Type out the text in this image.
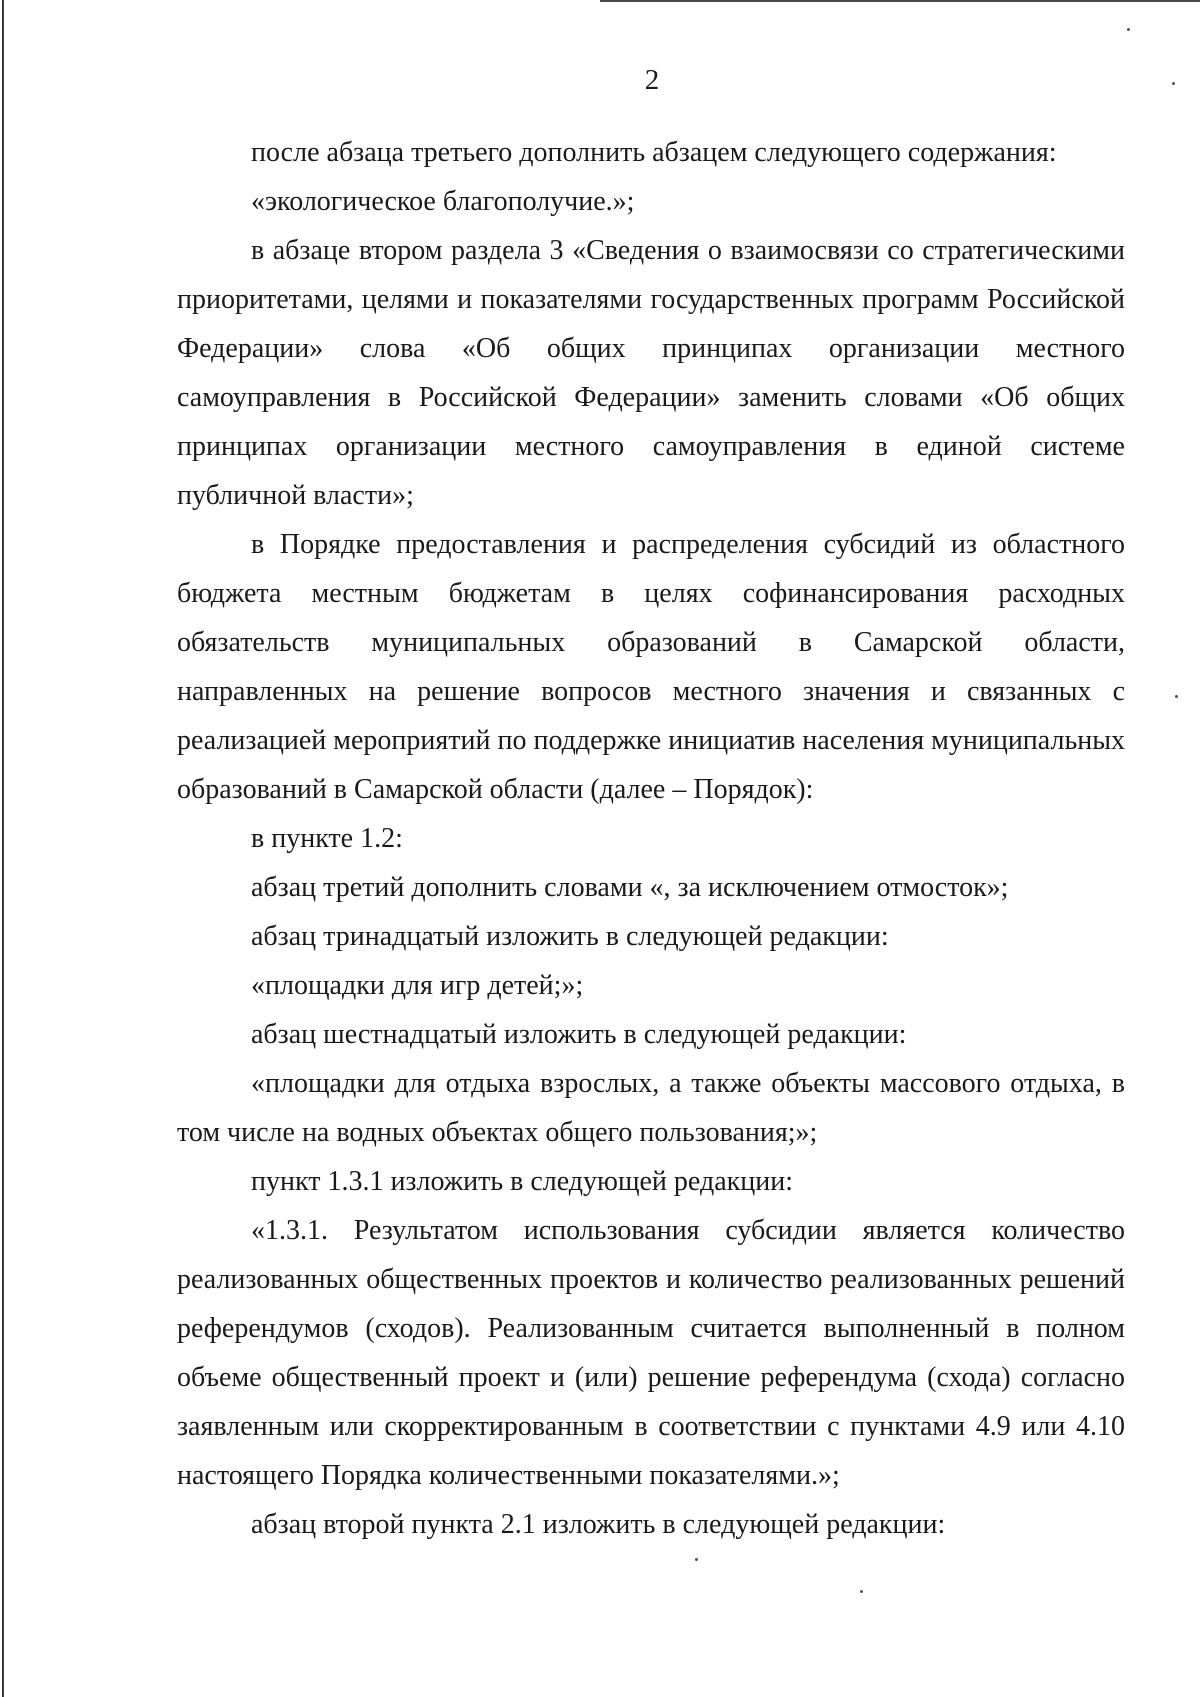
2

после абзаца третьего дополнить абзацем следующего содержания:

«экологическое благополучие.»;

в абзаце втором раздела 3 «Сведения о взаимосвязи со стратегическими приоритетами, целями и показателями государственных программ Российской Федерации» слова «Об общих принципах организации местного самоуправления в Российской Федерации» заменить словами «Об общих принципах организации местного самоуправления в единой системе публичной власти»;

в Порядке предоставления и распределения субсидий из областного бюджета местным бюджетам в целях софинансирования расходных обязательств муниципальных образований в Самарской области, направленных на решение вопросов местного значения и связанных с реализацией мероприятий по поддержке инициатив населения муниципальных образований в Самарской области (далее – Порядок):

в пункте 1.2:

абзац третий дополнить словами «, за исключением отмосток»;

абзац тринадцатый изложить в следующей редакции:

«площадки для игр детей;»;

абзац шестнадцатый изложить в следующей редакции:

«площадки для отдыха взрослых, а также объекты массового отдыха, в том числе на водных объектах общего пользования;»;

пункт 1.3.1 изложить в следующей редакции:

«1.3.1. Результатом использования субсидии является количество реализованных общественных проектов и количество реализованных решений референдумов (сходов). Реализованным считается выполненный в полном объеме общественный проект и (или) решение референдума (схода) согласно заявленным или скорректированным в соответствии с пунктами 4.9 или 4.10 настоящего Порядка количественными показателями.»;

абзац второй пункта 2.1 изложить в следующей редакции:
